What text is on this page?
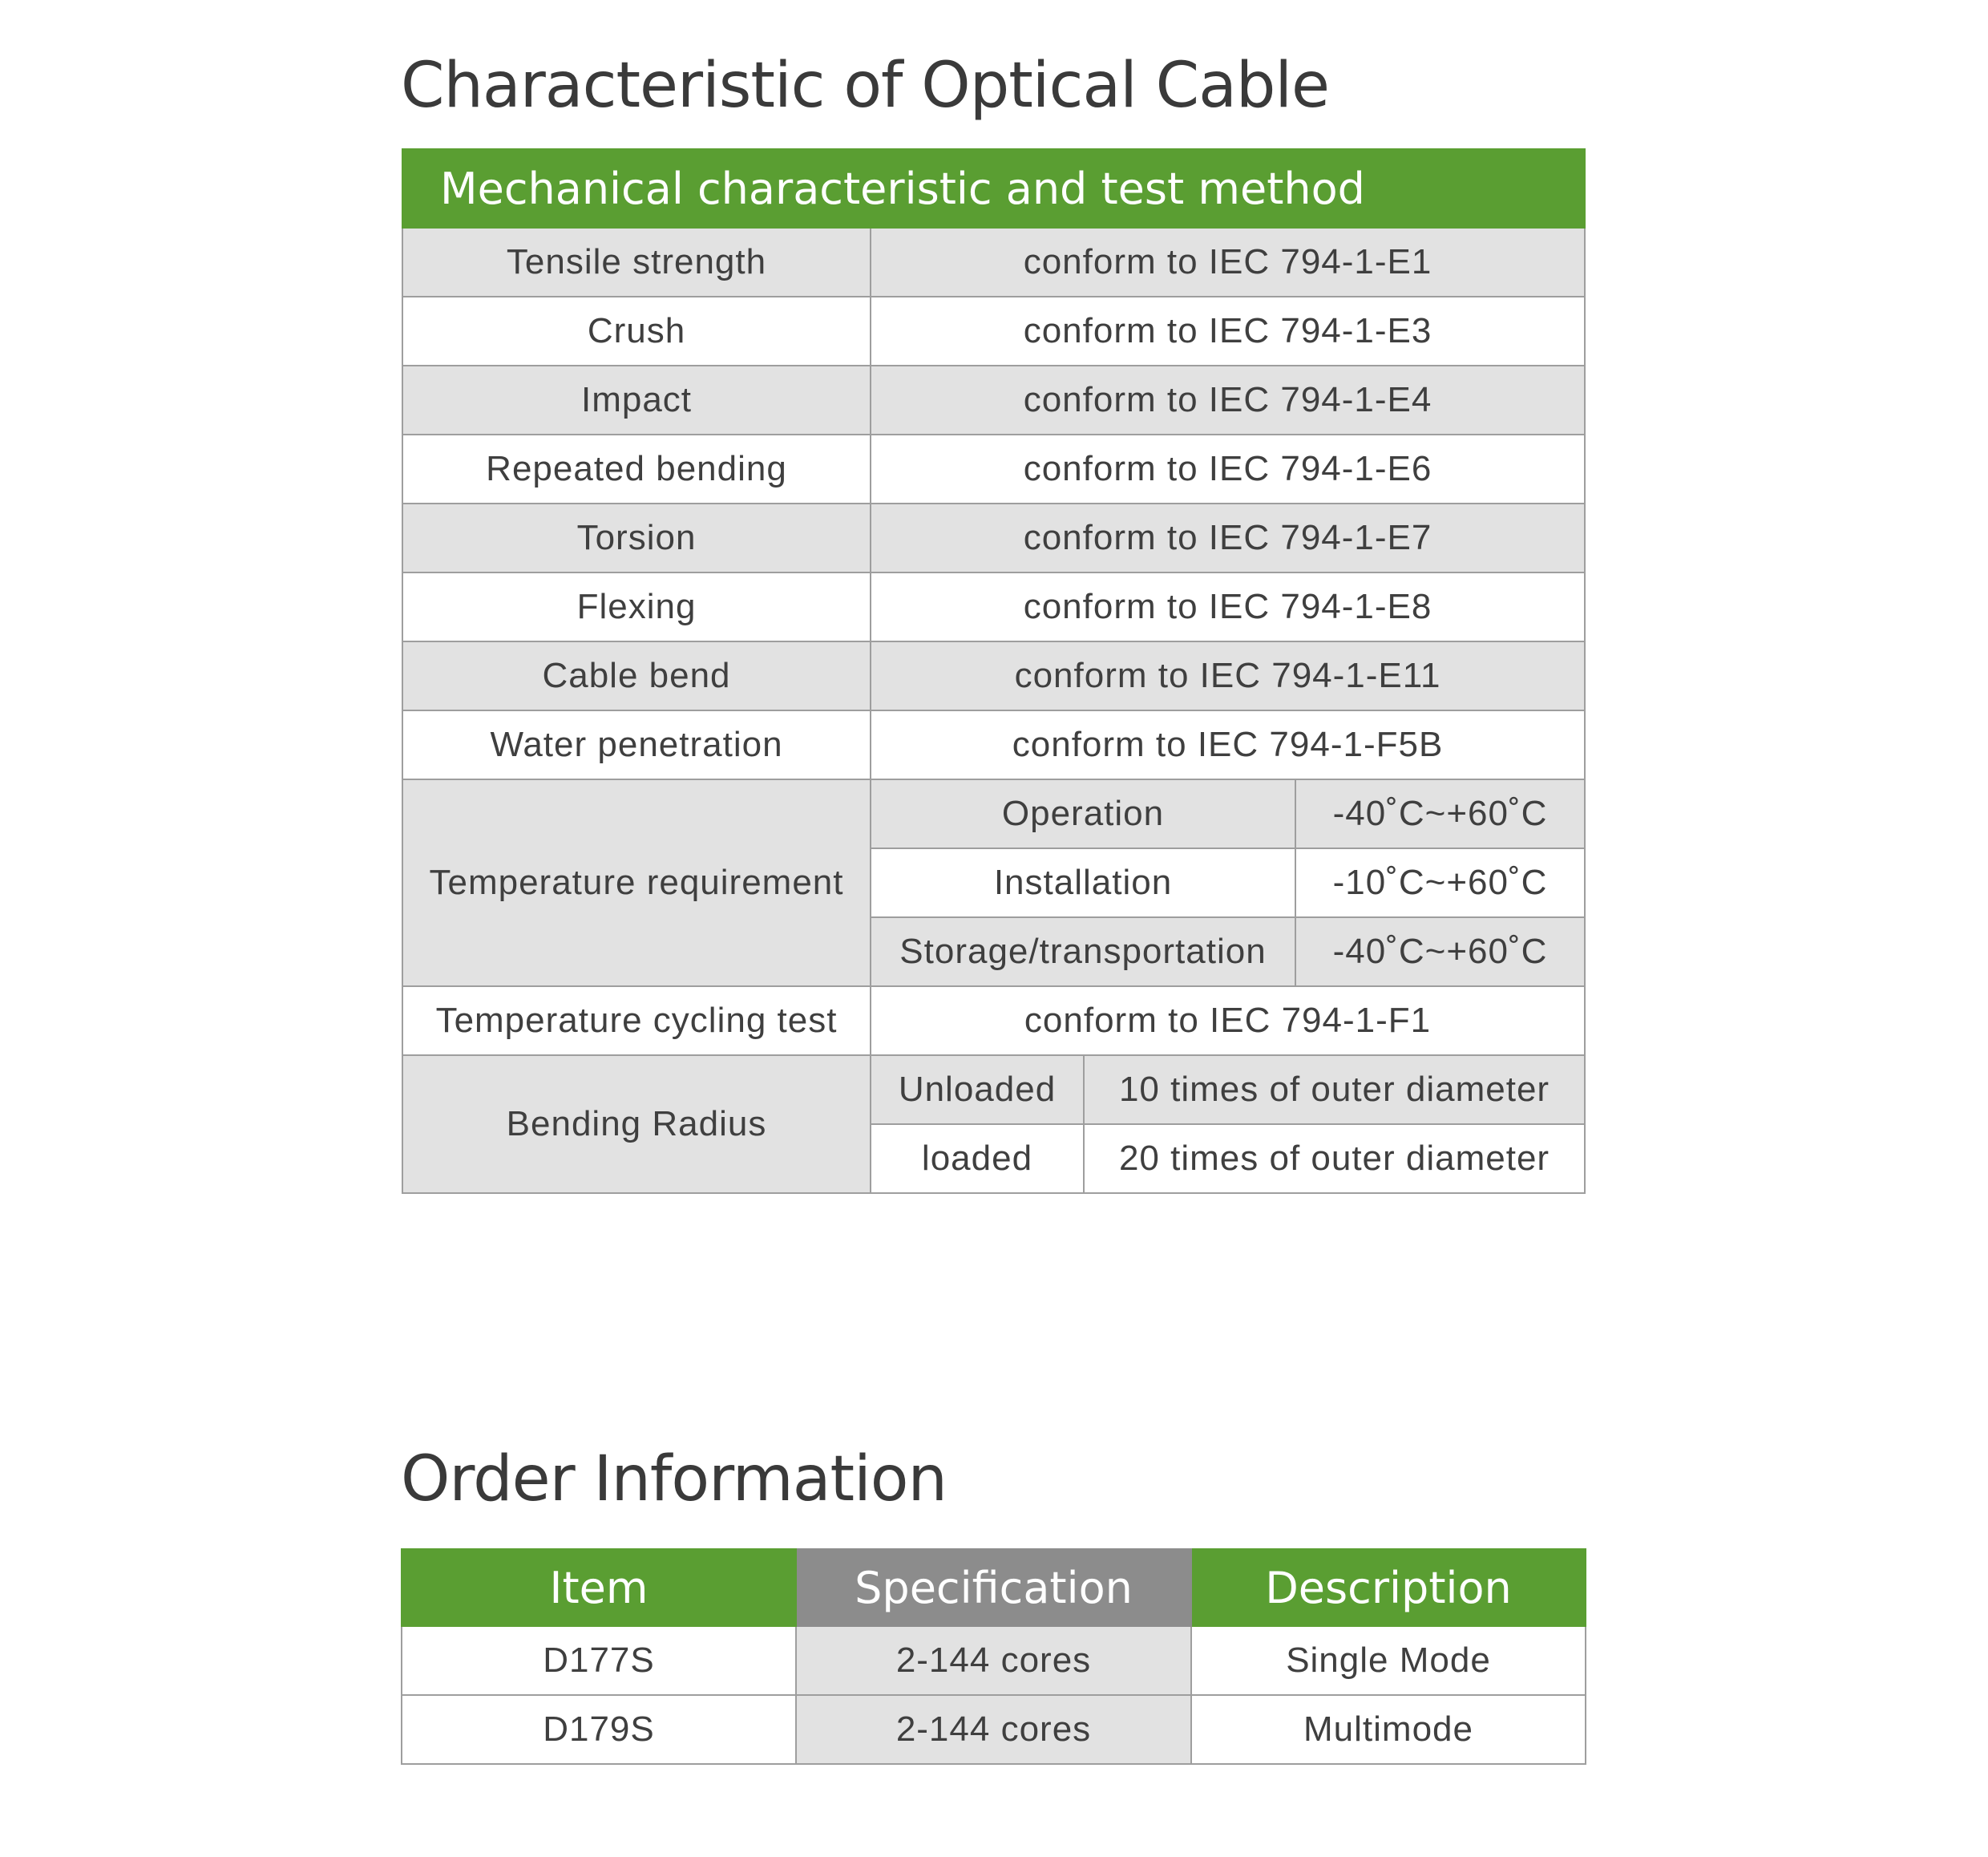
Characteristic of Optical Cable
Mechanical characteristic and test method			
Tensile strength	conform to IEC 794-1-E1		
Crush	conform to IEC 794-1-E3		
Impact	conform to IEC 794-1-E4		
Repeated bending	conform to IEC 794-1-E6		
Torsion	conform to IEC 794-1-E7		
Flexing	conform to IEC 794-1-E8		
Cable bend	conform to IEC 794-1-E11		
Water penetration	conform to IEC 794-1-F5B		
Temperature requirement	Operation		-40˚C~+60˚C
	Installation		-10˚C~+60˚C
	Storage/transportation		-40˚C~+60˚C
Temperature cycling test	conform to IEC 794-1-F1		
Bending Radius	Unloaded	10 times of outer diameter	
	loaded	20 times of outer diameter	
Order Information
Item	Specification	Description
D177S	2-144 cores	Single Mode
D179S	2-144 cores	Multimode
